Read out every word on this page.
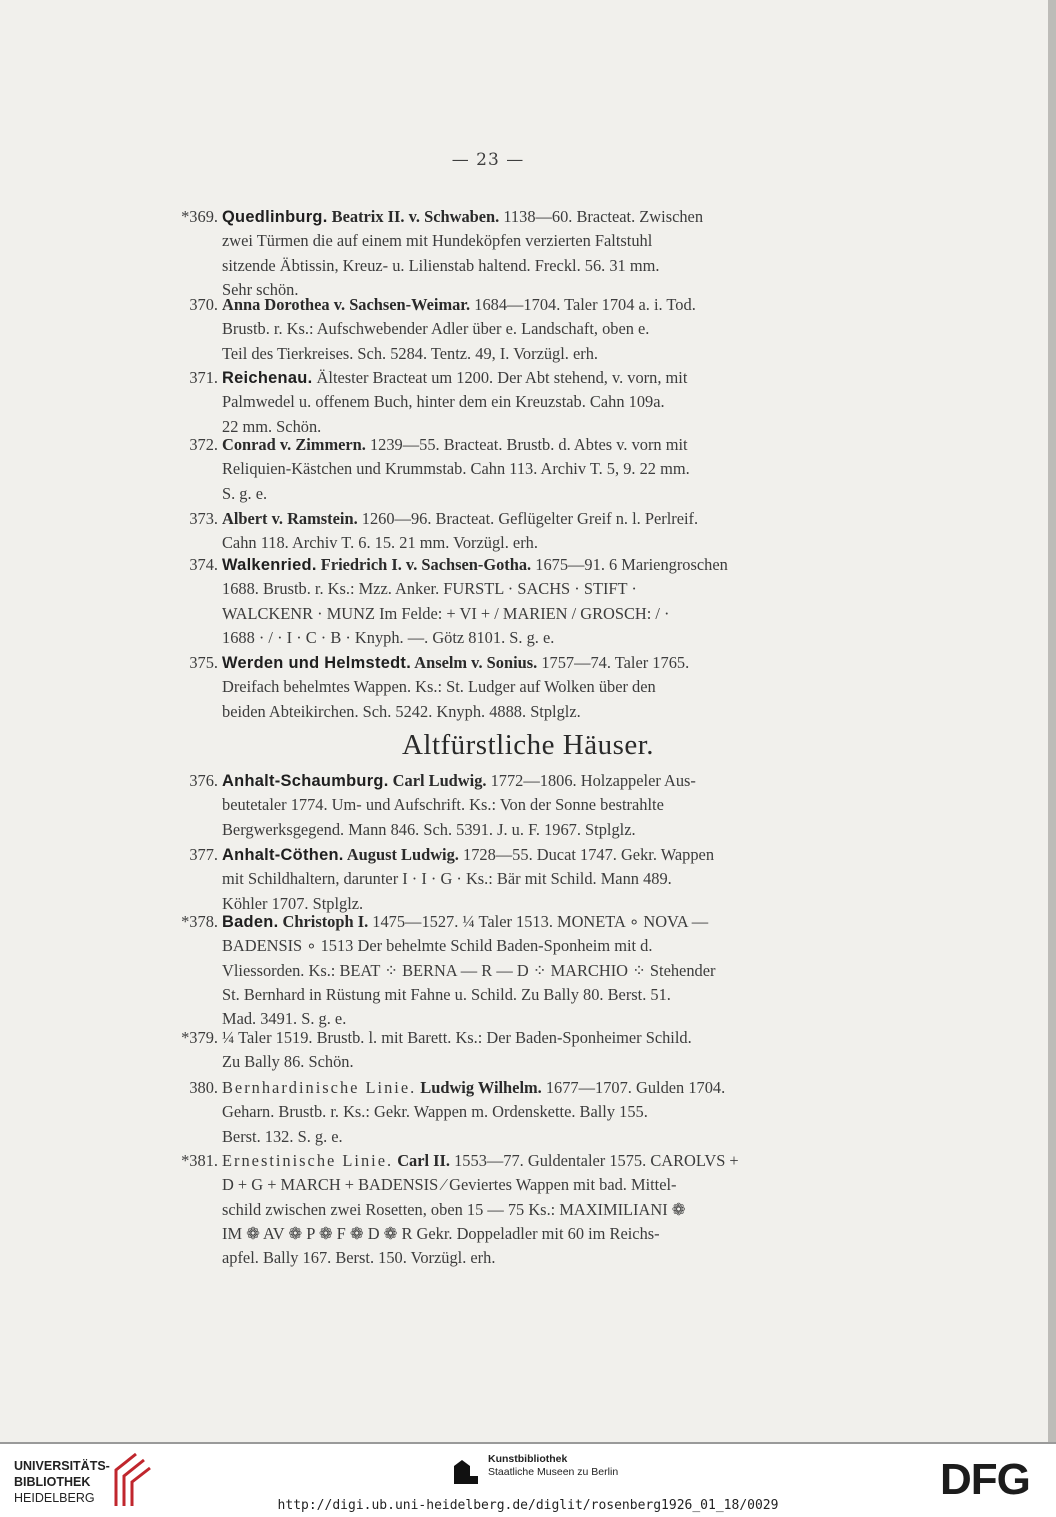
— 23 —
*369. Quedlinburg. Beatrix II. v. Schwaben. 1138—60. Bracteat. Zwischen
zwei Türmen die auf einem mit Hundeköpfen verzierten Faltstuhl
sitzende Äbtissin, Kreuz- u. Lilienstab haltend. Freckl. 56. 31 mm.
Sehr schön.
370. Anna Dorothea v. Sachsen-Weimar. 1684—1704. Taler 1704 a. i. Tod.
Brustb. r. Ks.: Aufschwebender Adler über e. Landschaft, oben e.
Teil des Tierkreises. Sch. 5284. Tentz. 49, I. Vorzügl. erh.
371. Reichenau. Ältester Bracteat um 1200. Der Abt stehend, v. vorn, mit
Palmwedel u. offenem Buch, hinter dem ein Kreuzstab. Cahn 109a.
22 mm. Schön.
372. Conrad v. Zimmern. 1239—55. Bracteat. Brustb. d. Abtes v. vorn mit
Reliquien-Kästchen und Krummstab. Cahn 113. Archiv T. 5, 9. 22 mm.
S. g. e.
373. Albert v. Ramstein. 1260—96. Bracteat. Geflügelter Greif n. l. Perlreif.
Cahn 118. Archiv T. 6. 15. 21 mm. Vorzügl. erh.
374. Walkenried. Friedrich I. v. Sachsen-Gotha. 1675—91. 6 Mariengroschen
1688. Brustb. r. Ks.: Mzz. Anker. FURSTL · SACHS · STIFT ·
WALCKENR · MUNZ Im Felde: + VI + / MARIEN / GROSCH: / ·
1688 · / · I · C · B · Knyph. —. Götz 8101. S. g. e.
375. Werden und Helmstedt. Anselm v. Sonius. 1757—74. Taler 1765.
Dreifach behelmtes Wappen. Ks.: St. Ludger auf Wolken über den
beiden Abteikirchen. Sch. 5242. Knyph. 4888. Stplglz.
376. Anhalt-Schaumburg. Carl Ludwig. 1772—1806. Holzappeler Aus-
beutetaler 1774. Um- und Aufschrift. Ks.: Von der Sonne bestrahlte
Bergwerksgegend. Mann 846. Sch. 5391. J. u. F. 1967. Stplglz.
377. Anhalt-Cöthen. August Ludwig. 1728—55. Ducat 1747. Gekr. Wappen
mit Schildhaltern, darunter I · I · G · Ks.: Bär mit Schild. Mann 489.
Köhler 1707. Stplglz.
*378. Baden. Christoph I. 1475—1527. ¼ Taler 1513. MONETA ∘ NOVA —
BADENSIS ∘ 1513 Der behelmte Schild Baden-Sponheim mit d.
Vliessorden. Ks.: BEAT ⁘ BERNA — R — D ⁘ MARCHIO ⁘ Stehender
St. Bernhard in Rüstung mit Fahne u. Schild. Zu Bally 80. Berst. 51.
Mad. 3491. S. g. e.
*379. ¼ Taler 1519. Brustb. l. mit Barett. Ks.: Der Baden-Sponheimer Schild.
Zu Bally 86. Schön.
380. Bernhardinische Linie. Ludwig Wilhelm. 1677—1707. Gulden 1704.
Geharn. Brustb. r. Ks.: Gekr. Wappen m. Ordenskette. Bally 155.
Berst. 132. S. g. e.
*381. Ernestinische Linie. Carl II. 1553—77. Guldentaler 1575. CAROLVS +
D + G + MARCH + BADENSIS ⁄ Geviertes Wappen mit bad. Mittel-
schild zwischen zwei Rosetten, oben 15 — 75 Ks.: MAXIMILIANI ❁
IM ❁ AV ❁ P ❁ F ❁ D ❁ R Gekr. Doppeladler mit 60 im Reichs-
apfel. Bally 167. Berst. 150. Vorzügl. erh.
Altfürstliche Häuser.
UNIVERSITÄTS-
BIBLIOTHEK
HEIDELBERG
Kunstbibliothek
Staatliche Museen zu Berlin	DFG
http://digi.ub.uni-heidelberg.de/diglit/rosenberg1926_01_18/0029
